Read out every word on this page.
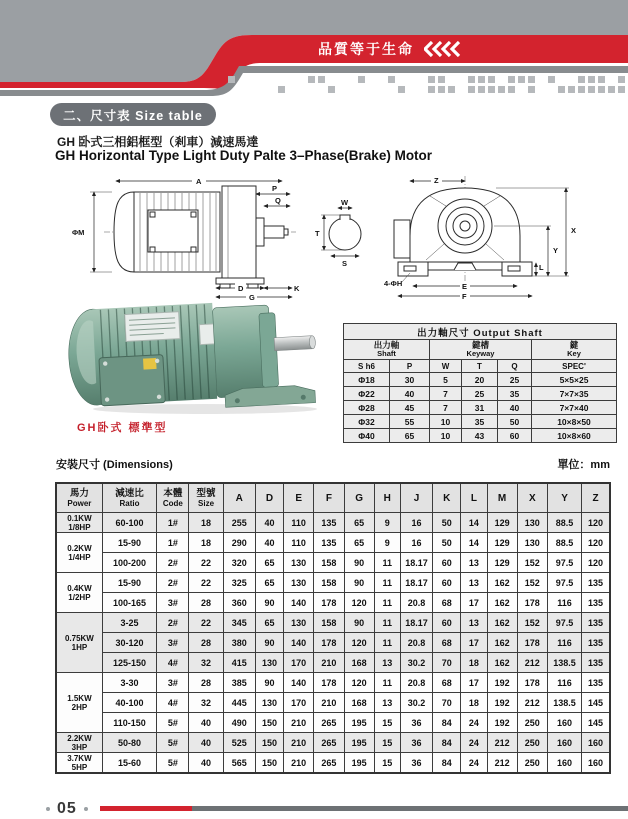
品質等于生命
二、尺寸表 Size table
GH 卧式三相鋁框型（剎車）減速馬達
GH Horizontal Type Light Duty Palte 3–Phase(Brake) Motor
A
ΦM
P
Q
D	K
G
W
T
S
Z
X
Y
L
E
F
4-ΦH
GH卧式 標準型
出力軸尺寸 Output Shaft					

出力軸
Shaft

鍵槽
Keyway

鍵
Key

S h6	P	W	T	Q	SPEC'
Φ18	30	5	20	25	5×5×25
Φ22	40	7	25	35	7×7×35
Φ28	45	7	31	40	7×7×40
Φ32	55	10	35	50	10×8×50
Φ40	65	10	43	60	10×8×60
安裝尺寸 (Dimensions)	單位：mm
馬力
Power

減速比
Ratio

本體
Code

型號
Size	A	D	E	F	G	H	J	K	L	M	X	Y	Z

0.1KW
1/8HP	60-100	1#	18	255	40	110	135	65	9	16	50	14	129	130	88.5	120

0.2KW
1/4HP	15-90	1#	18	290	40	110	135	65	9	16	50	14	129	130	88.5	120
	100-200	2#	22	320	65	130	158	90	11	18.17	60	13	129	152	97.5	120

0.4KW
1/2HP	15-90	2#	22	325	65	130	158	90	11	18.17	60	13	162	152	97.5	135
	100-165	3#	28	360	90	140	178	120	11	20.8	68	17	162	178	116	135

0.75KW
1HP	3-25	2#	22	345	65	130	158	90	11	18.17	60	13	162	152	97.5	135
	30-120	3#	28	380	90	140	178	120	11	20.8	68	17	162	178	116	135
	125-150	4#	32	415	130	170	210	168	13	30.2	70	18	162	212	138.5	135

1.5KW
2HP	3-30	3#	28	385	90	140	178	120	11	20.8	68	17	192	178	116	135
	40-100	4#	32	445	130	170	210	168	13	30.2	70	18	192	212	138.5	145
	110-150	5#	40	490	150	210	265	195	15	36	84	24	192	250	160	145

2.2KW
3HP	50-80	5#	40	525	150	210	265	195	15	36	84	24	212	250	160	160

3.7KW
5HP	15-60	5#	40	565	150	210	265	195	15	36	84	24	212	250	160	160
05
